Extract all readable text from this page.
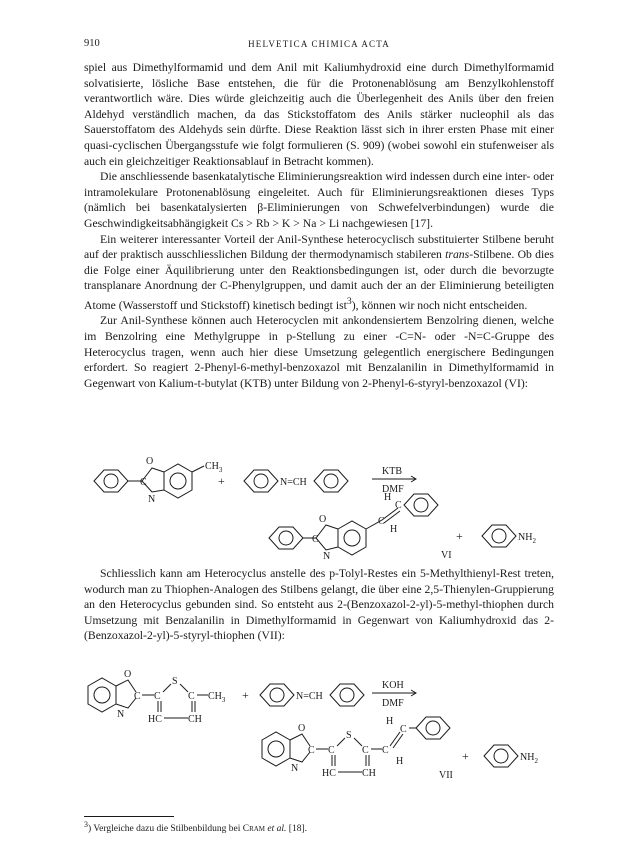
910	HELVETICA CHIMICA ACTA

spiel aus Dimethylformamid und dem Anil mit Kaliumhydroxid eine durch Dimethylformamid solvatisierte, lösliche Base entstehen, die für die Protonenablösung am Benzylkohlenstoff verantwortlich wäre. Dies würde gleichzeitig auch die Überlegenheit des Anils über den freien Aldehyd verständlich machen, da das Stickstoffatom des Anils stärker nucleophil als das Sauerstoffatom des Aldehyds sein dürfte. Diese Reaktion lässt sich in ihrer ersten Phase mit einer quasi-cyclischen Übergangsstufe wie folgt formulieren (S. 909) (wobei sowohl ein stufenweiser als auch ein gleichzeitiger Reaktionsablauf in Betracht kommen).

Die anschliessende basenkatalytische Eliminierungsreaktion wird indessen durch eine inter- oder intramolekulare Protonenablösung eingeleitet. Auch für Eliminierungsreaktionen dieses Typs (nämlich bei basenkatalysierten β-Eliminierungen von Schwefelverbindungen) wurde die Geschwindigkeitsabhängigkeit Cs > Rb > K > Na > Li nachgewiesen [17].

Ein weiterer interessanter Vorteil der Anil-Synthese heterocyclisch substituierter Stilbene beruht auf der praktisch ausschliesslichen Bildung der thermodynamisch stabileren trans-Stilbene. Ob dies die Folge einer Äquilibrierung unter den Reaktionsbedingungen ist, oder durch die bevorzugte transplanare Anordnung der C-Phenylgruppen, und damit auch der an der Eliminierung beteiligten Atome (Wasserstoff und Stickstoff) kinetisch bedingt ist$^3$), können wir noch nicht entscheiden.

Zur Anil-Synthese können auch Heterocyclen mit ankondensiertem Benzolring dienen, welche im Benzolring eine Methylgruppe in p-Stellung zu einer -C=N- oder -N=C-Gruppe des Heterocyclus tragen, wenn auch hier diese Umsetzung gelegentlich energischere Bedingungen erfordert. So reagiert 2-Phenyl-6-methyl-benzoxazol mit Benzalanilin in Dimethylformamid in Gegenwart von Kalium-t-butylat (KTB) unter Bildung von 2-Phenyl-6-styryl-benzoxazol (VI):

O
C
N
$CH_3$
+	N=CH
KTB
DMF
O
C
N
C
C
H
H	+	$NH_2$
VI

Schliesslich kann am Heterocyclus anstelle des p-Tolyl-Restes ein 5-Methylthienyl-Rest treten, wodurch man zu Thiophen-Analogen des Stilbens gelangt, die über eine 2,5-Thienylen-Gruppierung an den Heterocyclus gebunden sind. So entsteht aus 2-(Benzoxazol-2-yl)-5-methyl-thiophen durch Umsetzung mit Benzalanilin in Dimethylformamid in Gegenwart von Kaliumhydroxid das 2-(Benzoxazol-2-yl)-5-styryl-thiophen (VII):

O
N
C C
S
C $CH_3$
HC	CH
+	N=CH
KOH
DMF
O
N
C C
S
C
HC	CH
C
C
H
H	+	$NH_2$
VII
$^3$) Vergleiche dazu die Stilbenbildung bei Cram et al. [18].
